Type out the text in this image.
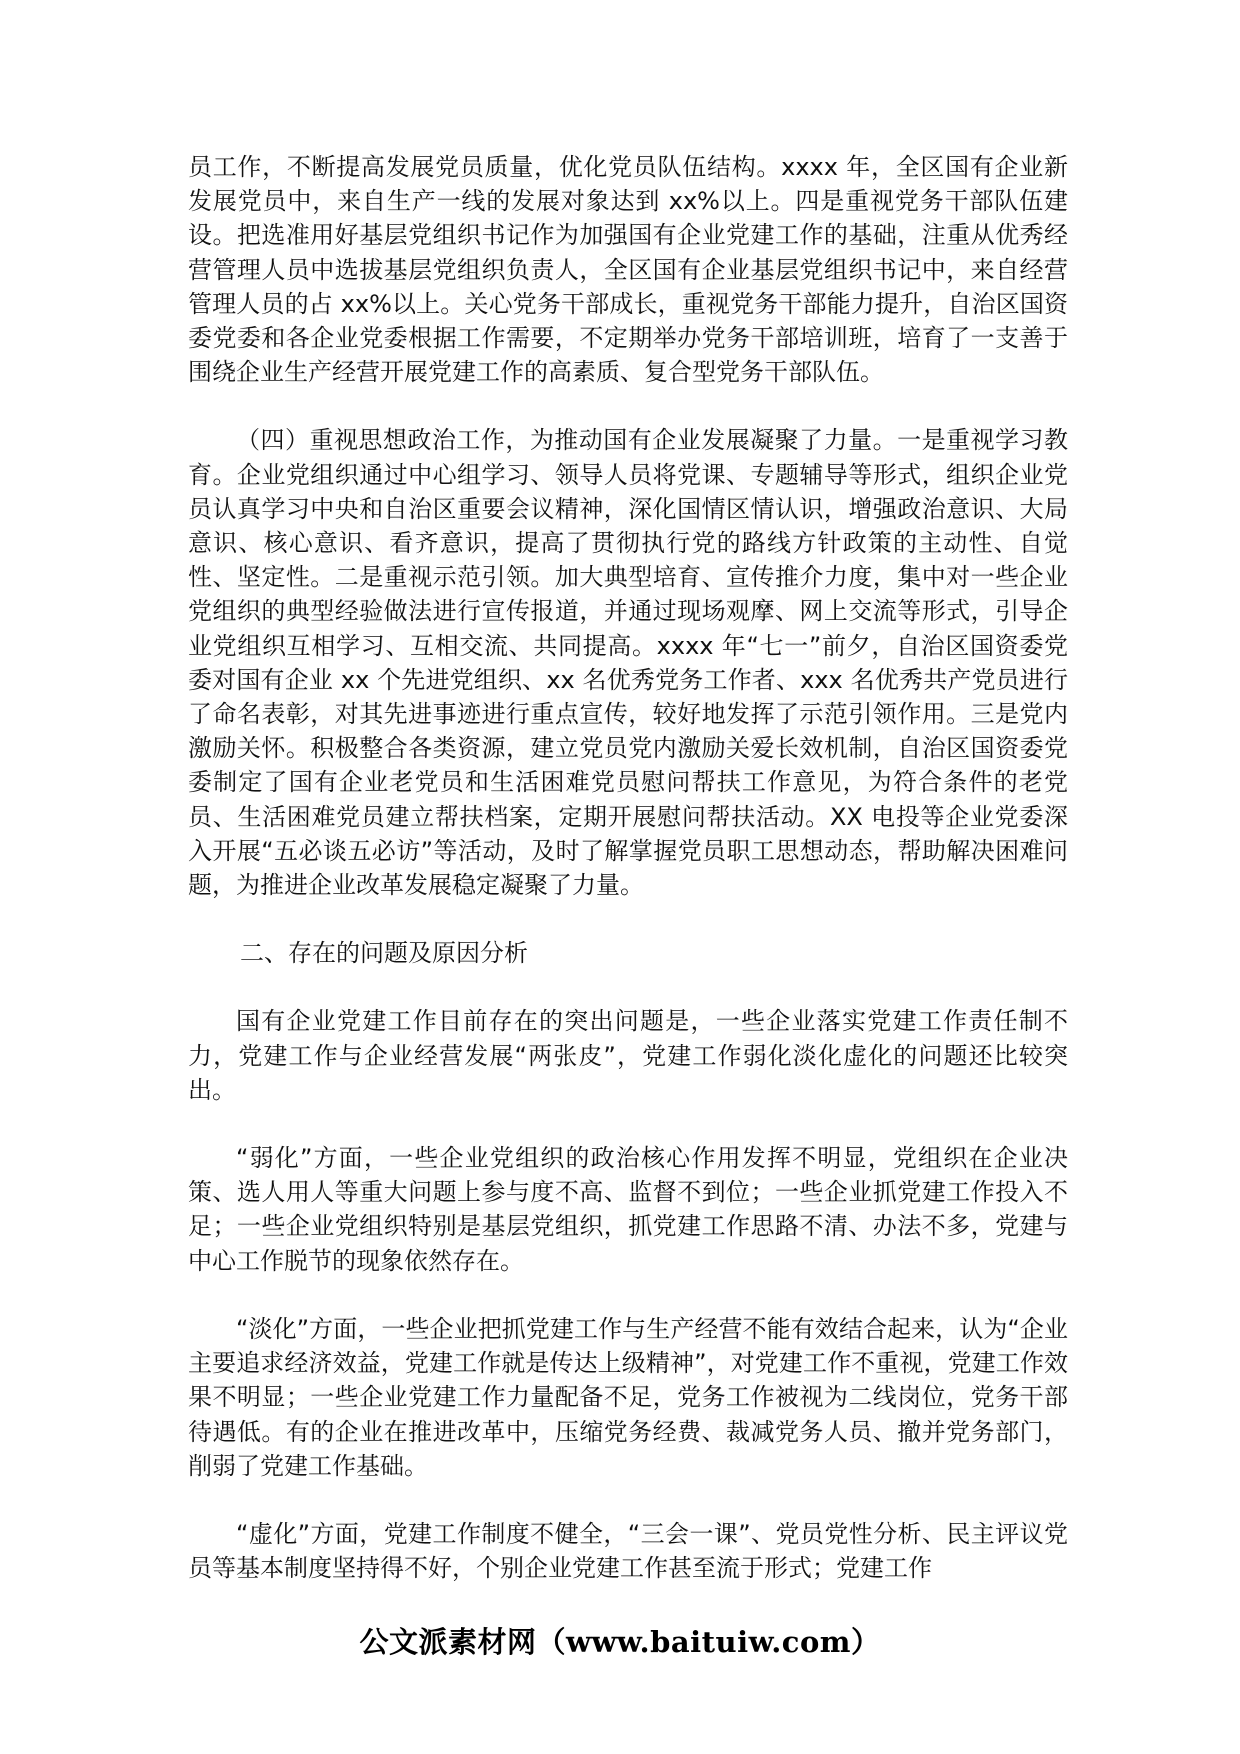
员工作，不断提高发展党员质量，优化党员队伍结构。xxxx 年，全区国有企业新发展党员中，来自生产一线的发展对象达到 xx%以上。四是重视党务干部队伍建设。把选准用好基层党组织书记作为加强国有企业党建工作的基础，注重从优秀经营管理人员中选拔基层党组织负责人，全区国有企业基层党组织书记中，来自经营管理人员的占 xx%以上。关心党务干部成长，重视党务干部能力提升，自治区国资委党委和各企业党委根据工作需要，不定期举办党务干部培训班，培育了一支善于围绕企业生产经营开展党建工作的高素质、复合型党务干部队伍。

（四）重视思想政治工作，为推动国有企业发展凝聚了力量。一是重视学习教育。企业党组织通过中心组学习、领导人员将党课、专题辅导等形式，组织企业党员认真学习中央和自治区重要会议精神，深化国情区情认识，增强政治意识、大局意识、核心意识、看齐意识，提高了贯彻执行党的路线方针政策的主动性、自觉性、坚定性。二是重视示范引领。加大典型培育、宣传推介力度，集中对一些企业党组织的典型经验做法进行宣传报道，并通过现场观摩、网上交流等形式，引导企业党组织互相学习、互相交流、共同提高。xxxx 年“七一”前夕，自治区国资委党委对国有企业 xx 个先进党组织、xx 名优秀党务工作者、xxx 名优秀共产党员进行了命名表彰，对其先进事迹进行重点宣传，较好地发挥了示范引领作用。三是党内激励关怀。积极整合各类资源，建立党员党内激励关爱长效机制，自治区国资委党委制定了国有企业老党员和生活困难党员慰问帮扶工作意见，为符合条件的老党员、生活困难党员建立帮扶档案，定期开展慰问帮扶活动。XX 电投等企业党委深入开展“五必谈五必访”等活动，及时了解掌握党员职工思想动态，帮助解决困难问题，为推进企业改革发展稳定凝聚了力量。

二、存在的问题及原因分析

国有企业党建工作目前存在的突出问题是，一些企业落实党建工作责任制不力，党建工作与企业经营发展“两张皮”，党建工作弱化淡化虚化的问题还比较突出。

“弱化”方面，一些企业党组织的政治核心作用发挥不明显，党组织在企业决策、选人用人等重大问题上参与度不高、监督不到位；一些企业抓党建工作投入不足；一些企业党组织特别是基层党组织，抓党建工作思路不清、办法不多，党建与中心工作脱节的现象依然存在。

“淡化”方面，一些企业把抓党建工作与生产经营不能有效结合起来，认为“企业主要追求经济效益，党建工作就是传达上级精神”，对党建工作不重视，党建工作效果不明显；一些企业党建工作力量配备不足，党务工作被视为二线岗位，党务干部待遇低。有的企业在推进改革中，压缩党务经费、裁减党务人员、撤并党务部门，削弱了党建工作基础。

“虚化”方面，党建工作制度不健全，“三会一课”、党员党性分析、民主评议党员等基本制度坚持得不好，个别企业党建工作甚至流于形式；党建工作

公文派素材网（www.baituiw.com）
